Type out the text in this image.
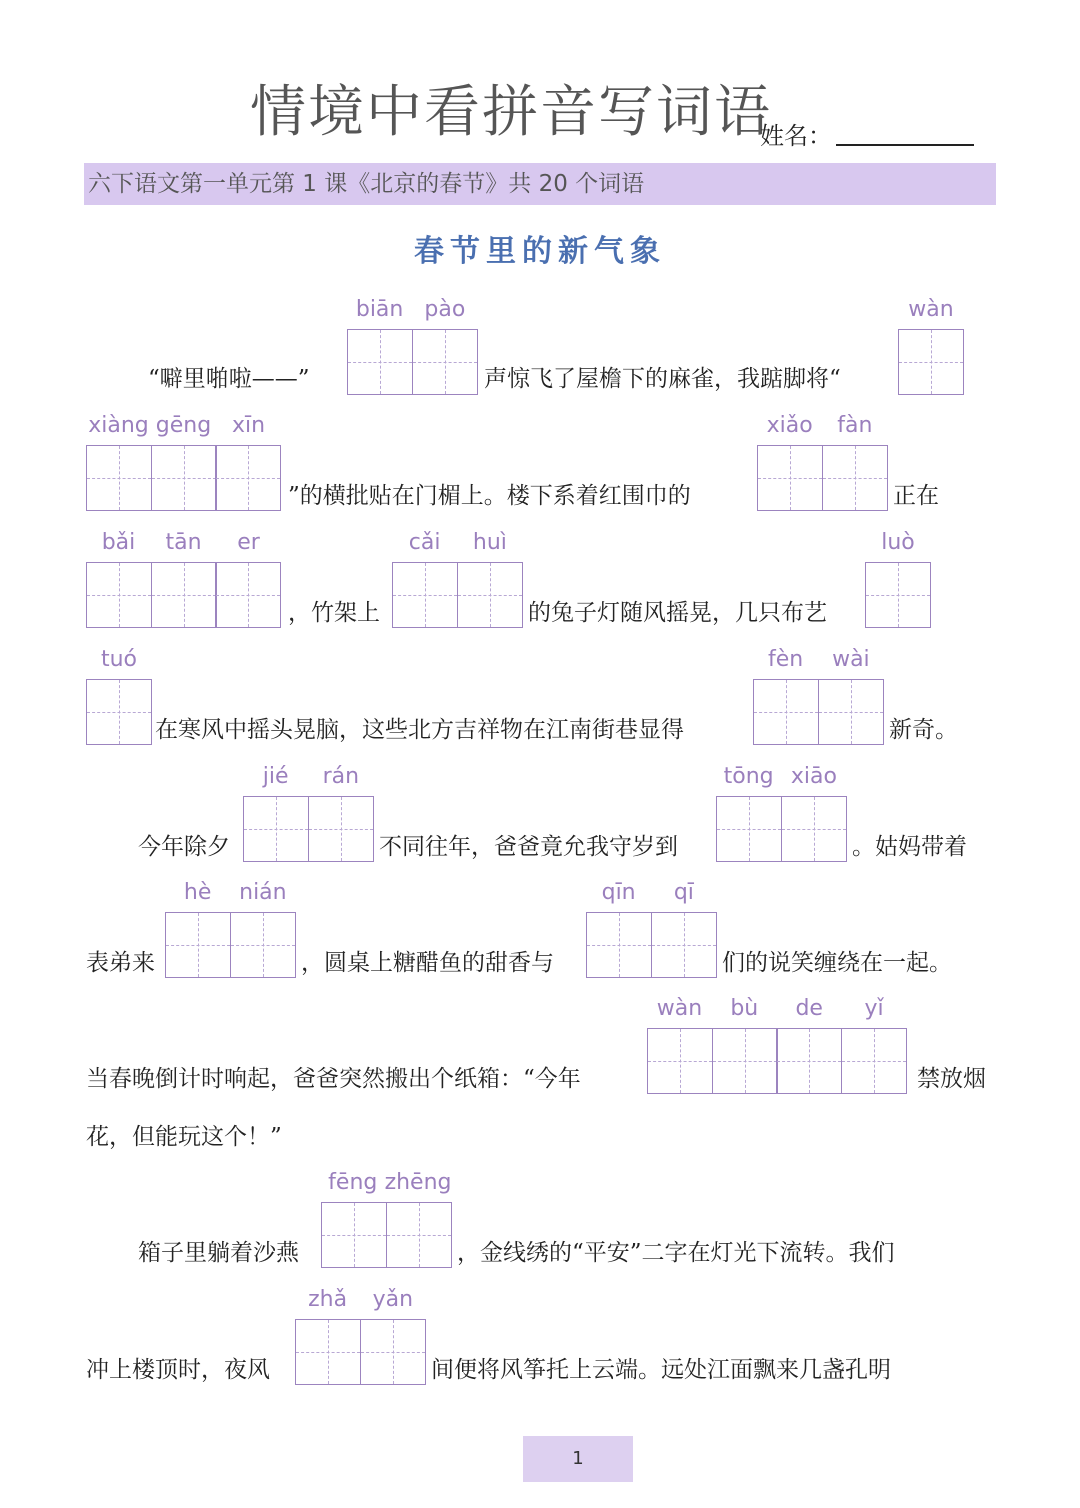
情境中看拼音写词语
姓名：
六下语文第一单元第 1 课《北京的春节》共 20 个词语
春节里的新气象
“噼里啪啦——”
biān pào
声惊飞了屋檐下的麻雀，我踮脚将“
wàn
xiàng gēng xīn
”的横批贴在门楣上。楼下系着红围巾的
xiǎo	fàn
正在
bǎi	tān	er
，竹架上
cǎi	huì
的兔子灯随风摇晃，几只布艺
luò
tuó
在寒风中摇头晃脑，这些北方吉祥物在江南街巷显得
fèn	wài
新奇。
今年除夕
jié	rán
不同往年，爸爸竟允我守岁到
tōng xiāo
。姑妈带着
表弟来
hè	nián
，圆桌上糖醋鱼的甜香与
qīn	qī
们的说笑缠绕在一起。
当春晚倒计时响起，爸爸突然搬出个纸箱：“今年
wàn	bù	de	yǐ
禁放烟
花，但能玩这个！”
箱子里躺着沙燕
fēng zhēng
，金线绣的“平安”二字在灯光下流转。我们
冲上楼顶时，夜风
zhǎ	yǎn
间便将风筝托上云端。远处江面飘来几盏孔明
1
